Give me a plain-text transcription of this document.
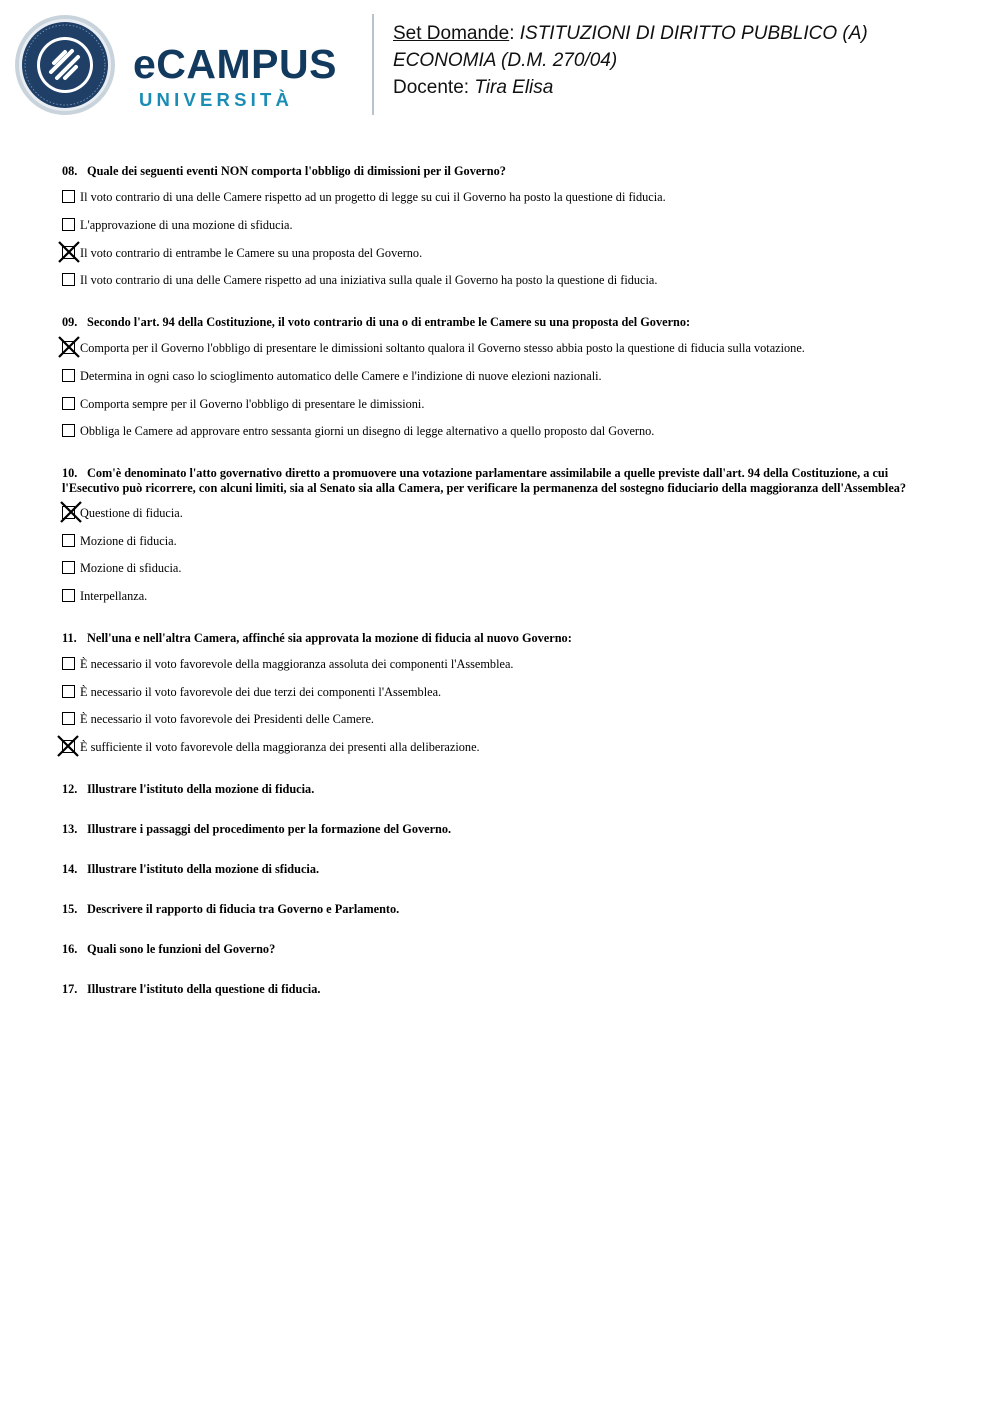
eCAMPUS
UNIVERSITÀ
Set Domande: ISTITUZIONI DI DIRITTO PUBBLICO (A)
ECONOMIA (D.M. 270/04)
Docente: Tira Elisa
08. Quale dei seguenti eventi NON comporta l'obbligo di dimissioni per il Governo?
Il voto contrario di una delle Camere rispetto ad un progetto di legge su cui il Governo ha posto la questione di fiducia.
L'approvazione di una mozione di sfiducia.
Il voto contrario di entrambe le Camere su una proposta del Governo.
Il voto contrario di una delle Camere rispetto ad una iniziativa sulla quale il Governo ha posto la questione di fiducia.
09. Secondo l'art. 94 della Costituzione, il voto contrario di una o di entrambe le Camere su una proposta del Governo:
Comporta per il Governo l'obbligo di presentare le dimissioni soltanto qualora il Governo stesso abbia posto la questione di fiducia sulla votazione.
Determina in ogni caso lo scioglimento automatico delle Camere e l'indizione di nuove elezioni nazionali.
Comporta sempre per il Governo l'obbligo di presentare le dimissioni.
Obbliga le Camere ad approvare entro sessanta giorni un disegno di legge alternativo a quello proposto dal Governo.
10. Com'è denominato l'atto governativo diretto a promuovere una votazione parlamentare assimilabile a quelle previste dall'art. 94 della Costituzione, a cui
l'Esecutivo può ricorrere, con alcuni limiti, sia al Senato sia alla Camera, per verificare la permanenza del sostegno fiduciario della maggioranza dell'Assemblea?
Questione di fiducia.
Mozione di fiducia.
Mozione di sfiducia.
Interpellanza.
11. Nell'una e nell'altra Camera, affinché sia approvata la mozione di fiducia al nuovo Governo:
È necessario il voto favorevole della maggioranza assoluta dei componenti l'Assemblea.
È necessario il voto favorevole dei due terzi dei componenti l'Assemblea.
È necessario il voto favorevole dei Presidenti delle Camere.
È sufficiente il voto favorevole della maggioranza dei presenti alla deliberazione.
12. Illustrare l'istituto della mozione di fiducia.
13. Illustrare i passaggi del procedimento per la formazione del Governo.
14. Illustrare l'istituto della mozione di sfiducia.
15. Descrivere il rapporto di fiducia tra Governo e Parlamento.
16. Quali sono le funzioni del Governo?
17. Illustrare l'istituto della questione di fiducia.
